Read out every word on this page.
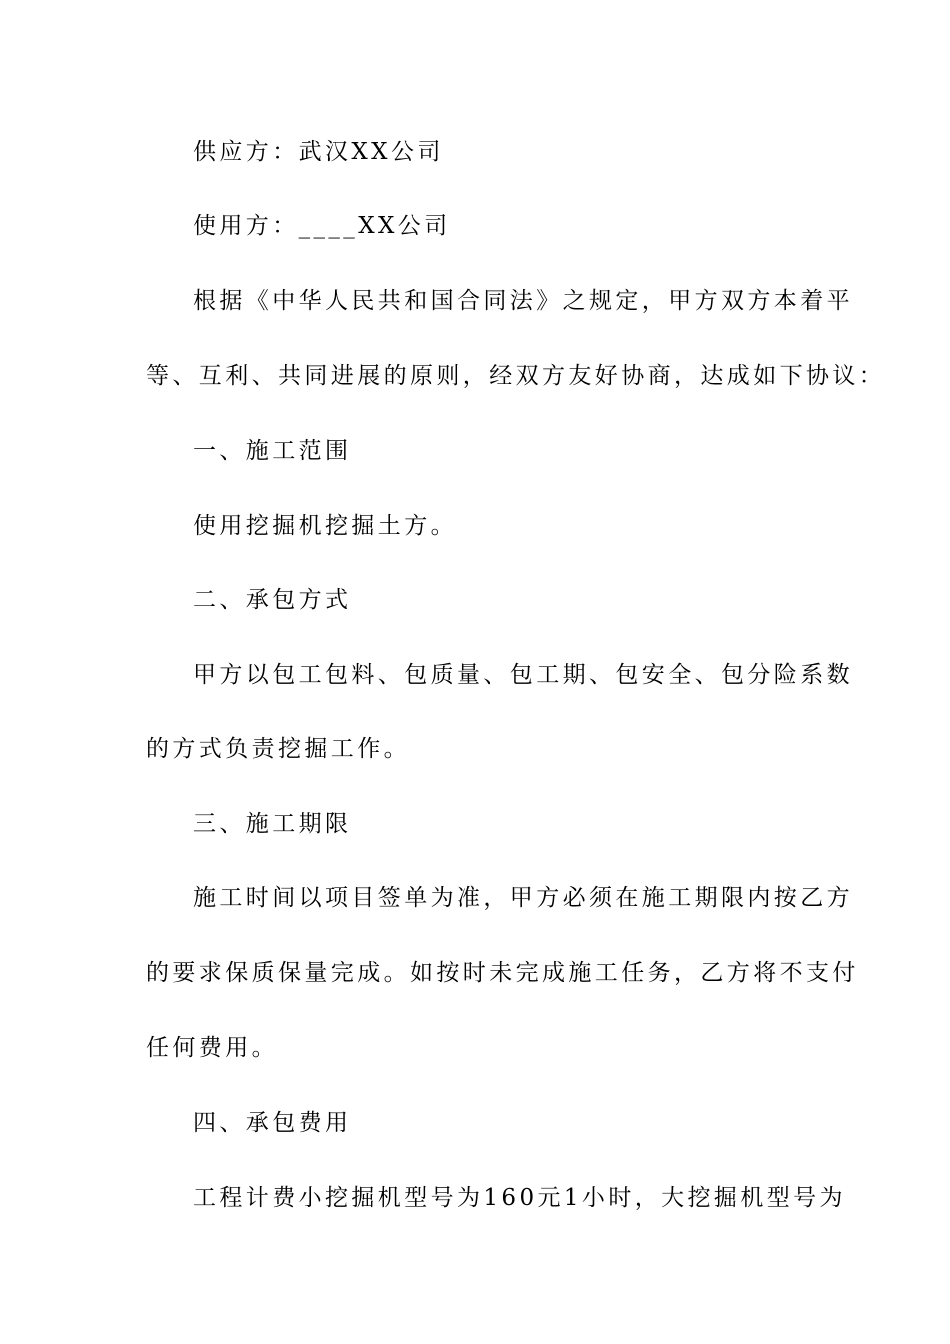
供应方：武汉XX公司
使用方：____XX公司
根据《中华人民共和国合同法》之规定，甲方双方本着平
等、互利、共同进展的原则，经双方友好协商，达成如下协议：
一、施工范围
使用挖掘机挖掘土方。
二、承包方式
甲方以包工包料、包质量、包工期、包安全、包分险系数
的方式负责挖掘工作。
三、施工期限
施工时间以项目签单为准，甲方必须在施工期限内按乙方
的要求保质保量完成。如按时未完成施工任务，乙方将不支付
任何费用。
四、承包费用
工程计费小挖掘机型号为160元1小时，大挖掘机型号为
